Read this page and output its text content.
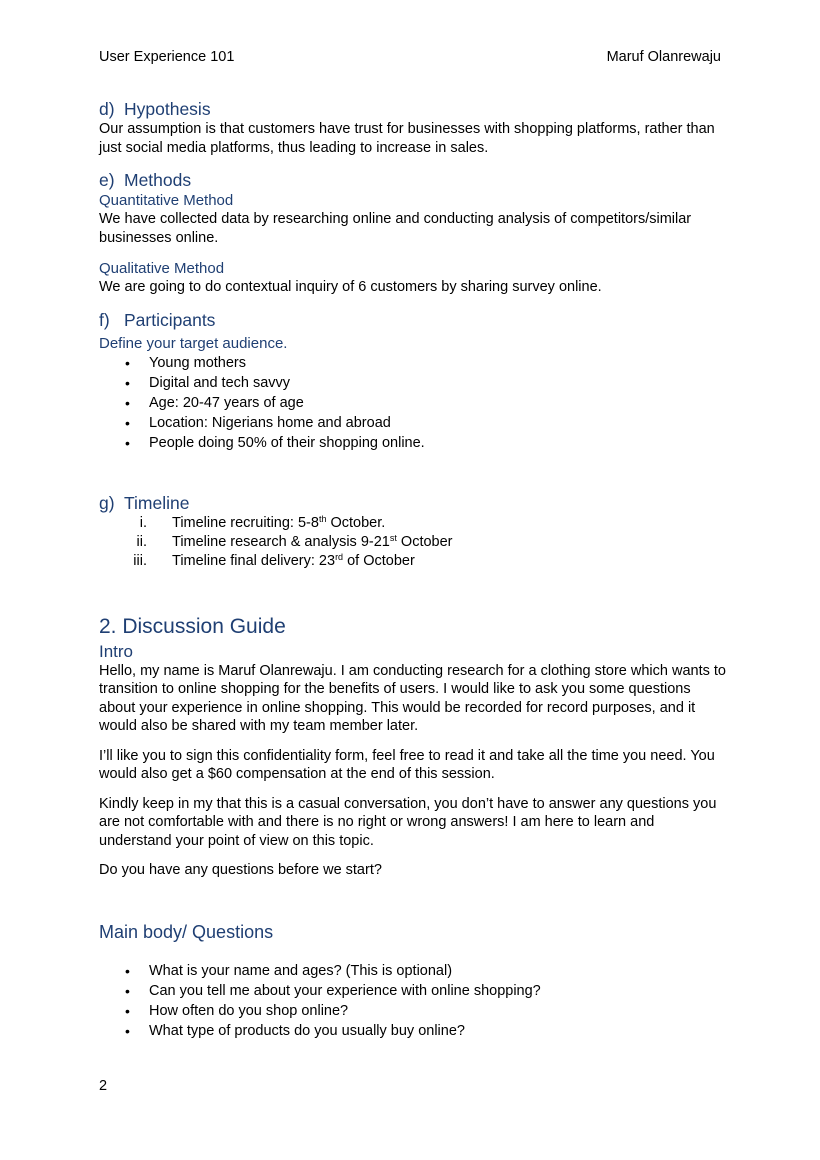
User Experience 101	Maruf Olanrewaju
d) Hypothesis

Our assumption is that customers have trust for businesses with shopping platforms, rather than just social media platforms, thus leading to increase in sales.

e) Methods
Quantitative Method

We have collected data by researching online and conducting analysis of competitors/similar businesses online.

Qualitative Method

We are going to do contextual inquiry of 6 customers by sharing survey online.

f) Participants
Define your target audience.
• Young mothers
• Digital and tech savvy
• Age: 20-47 years of age
• Location: Nigerians home and abroad
• People doing 50% of their shopping online.
g) Timeline
i. Timeline recruiting: 5-8th October.
ii. Timeline research & analysis 9-21st October
iii. Timeline final delivery: 23rd of October
2. Discussion Guide
Intro

Hello, my name is Maruf Olanrewaju. I am conducting research for a clothing store which wants to transition to online shopping for the benefits of users. I would like to ask you some questions about your experience in online shopping. This would be recorded for record purposes, and it would also be shared with my team member later.

I’ll like you to sign this confidentiality form, feel free to read it and take all the time you need. You would also get a $60 compensation at the end of this session.

Kindly keep in my that this is a casual conversation, you don’t have to answer any questions you are not comfortable with and there is no right or wrong answers! I am here to learn and understand your point of view on this topic.

Do you have any questions before we start?

Main body/ Questions
• What is your name and ages? (This is optional)
• Can you tell me about your experience with online shopping?
• How often do you shop online?
• What type of products do you usually buy online?
2
